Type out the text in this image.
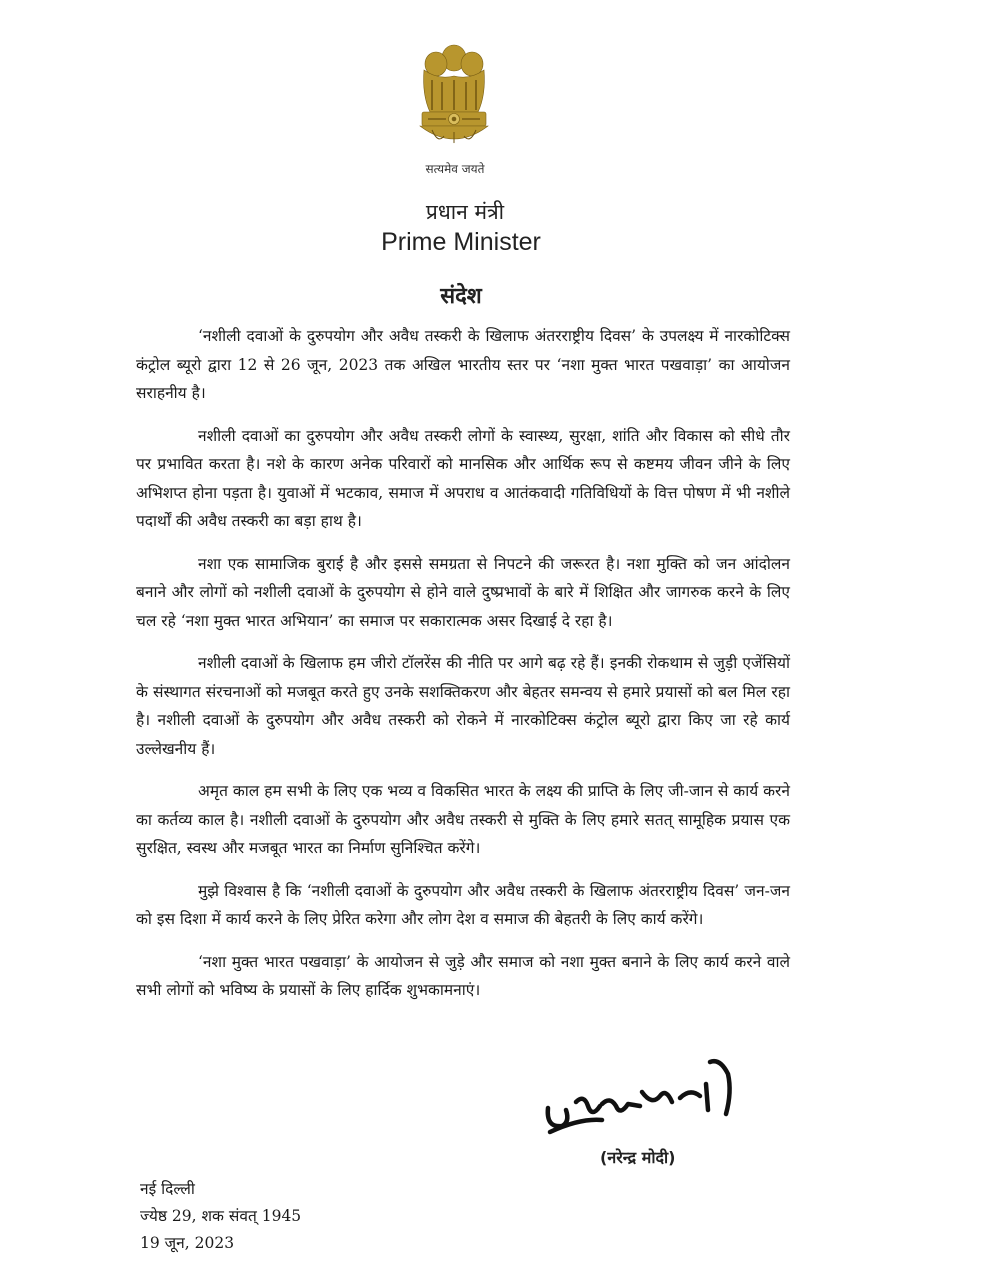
सत्यमेव जयते
प्रधान मंत्री
Prime Minister
संदेश

‘नशीली दवाओं के दुरुपयोग और अवैध तस्करी के खिलाफ अंतरराष्ट्रीय दिवस’ के उपलक्ष्य में नारकोटिक्स कंट्रोल ब्यूरो द्वारा 12 से 26 जून, 2023 तक अखिल भारतीय स्तर पर ‘नशा मुक्त भारत पखवाड़ा’ का आयोजन सराहनीय है।

नशीली दवाओं का दुरुपयोग और अवैध तस्करी लोगों के स्वास्थ्य, सुरक्षा, शांति और विकास को सीधे तौर पर प्रभावित करता है। नशे के कारण अनेक परिवारों को मानसिक और आर्थिक रूप से कष्टमय जीवन जीने के लिए अभिशप्त होना पड़ता है। युवाओं में भटकाव, समाज में अपराध व आतंकवादी गतिविधियों के वित्त पोषण में भी नशीले पदार्थों की अवैध तस्करी का बड़ा हाथ है।

नशा एक सामाजिक बुराई है और इससे समग्रता से निपटने की जरूरत है। नशा मुक्ति को जन आंदोलन बनाने और लोगों को नशीली दवाओं के दुरुपयोग से होने वाले दुष्प्रभावों के बारे में शिक्षित और जागरुक करने के लिए चल रहे ‘नशा मुक्त भारत अभियान’ का समाज पर सकारात्मक असर दिखाई दे रहा है।

नशीली दवाओं के खिलाफ हम जीरो टॉलरेंस की नीति पर आगे बढ़ रहे हैं। इनकी रोकथाम से जुड़ी एजेंसियों के संस्थागत संरचनाओं को मजबूत करते हुए उनके सशक्तिकरण और बेहतर समन्वय से हमारे प्रयासों को बल मिल रहा है। नशीली दवाओं के दुरुपयोग और अवैध तस्करी को रोकने में नारकोटिक्स कंट्रोल ब्यूरो द्वारा किए जा रहे कार्य उल्लेखनीय हैं।

अमृत काल हम सभी के लिए एक भव्य व विकसित भारत के लक्ष्य की प्राप्ति के लिए जी-जान से कार्य करने का कर्तव्य काल है। नशीली दवाओं के दुरुपयोग और अवैध तस्करी से मुक्ति के लिए हमारे सतत् सामूहिक प्रयास एक सुरक्षित, स्वस्थ और मजबूत भारत का निर्माण सुनिश्चित करेंगे।

मुझे विश्वास है कि ‘नशीली दवाओं के दुरुपयोग और अवैध तस्करी के खिलाफ अंतरराष्ट्रीय दिवस’ जन-जन को इस दिशा में कार्य करने के लिए प्रेरित करेगा और लोग देश व समाज की बेहतरी के लिए कार्य करेंगे।

‘नशा मुक्त भारत पखवाड़ा’ के आयोजन से जुड़े और समाज को नशा मुक्त बनाने के लिए कार्य करने वाले सभी लोगों को भविष्य के प्रयासों के लिए हार्दिक शुभकामनाएं।

(नरेन्द्र मोदी)
नई दिल्ली
ज्येष्ठ 29, शक संवत् 1945
19 जून, 2023
